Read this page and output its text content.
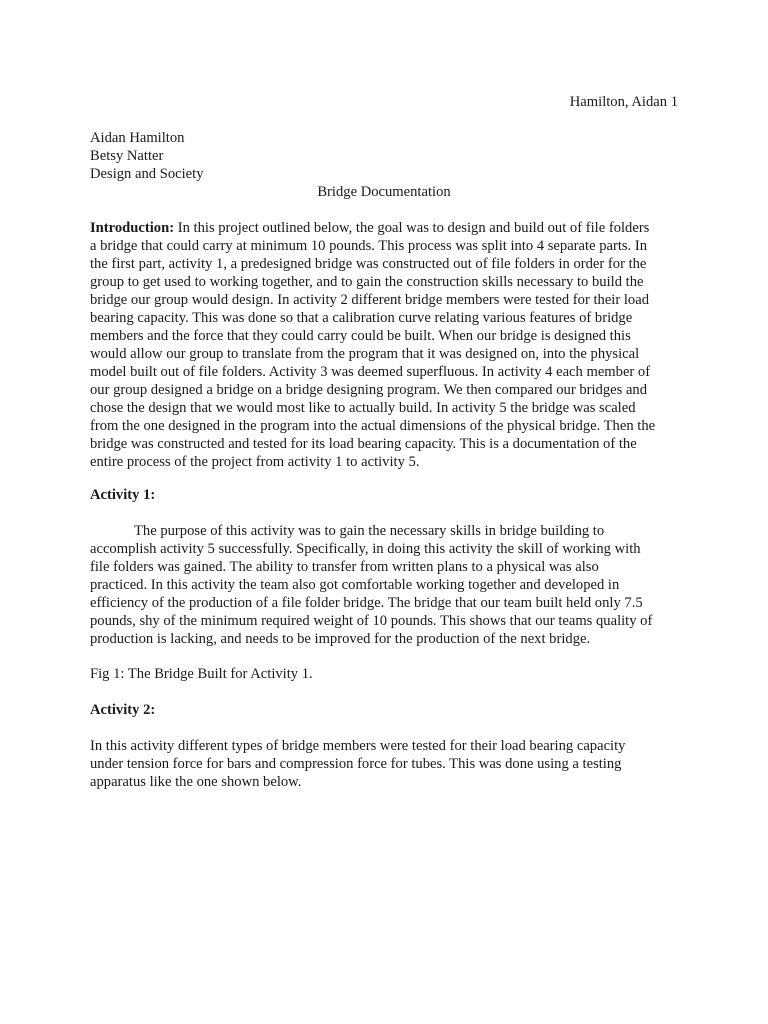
Hamilton, Aidan 1
Aidan Hamilton
Betsy Natter
Design and Society
Bridge Documentation
Introduction: In this project outlined below, the goal was to design and build out of file folders
a bridge that could carry at minimum 10 pounds. This process was split into 4 separate parts. In
the first part, activity 1, a predesigned bridge was constructed out of file folders in order for the
group to get used to working together, and to gain the construction skills necessary to build the
bridge our group would design. In activity 2 different bridge members were tested for their load
bearing capacity. This was done so that a calibration curve relating various features of bridge
members and the force that they could carry could be built. When our bridge is designed this
would allow our group to translate from the program that it was designed on, into the physical
model built out of file folders. Activity 3 was deemed superfluous. In activity 4 each member of
our group designed a bridge on a bridge designing program. We then compared our bridges and
chose the design that we would most like to actually build. In activity 5 the bridge was scaled
from the one designed in the program into the actual dimensions of the physical bridge. Then the
bridge was constructed and tested for its load bearing capacity. This is a documentation of the
entire process of the project from activity 1 to activity 5.
Activity 1:
The purpose of this activity was to gain the necessary skills in bridge building to
accomplish activity 5 successfully. Specifically, in doing this activity the skill of working with
file folders was gained. The ability to transfer from written plans to a physical was also
practiced. In this activity the team also got comfortable working together and developed in
efficiency of the production of a file folder bridge. The bridge that our team built held only 7.5
pounds, shy of the minimum required weight of 10 pounds. This shows that our teams quality of
production is lacking, and needs to be improved for the production of the next bridge.
Fig 1: The Bridge Built for Activity 1.
Activity 2:
In this activity different types of bridge members were tested for their load bearing capacity
under tension force for bars and compression force for tubes. This was done using a testing
apparatus like the one shown below.
